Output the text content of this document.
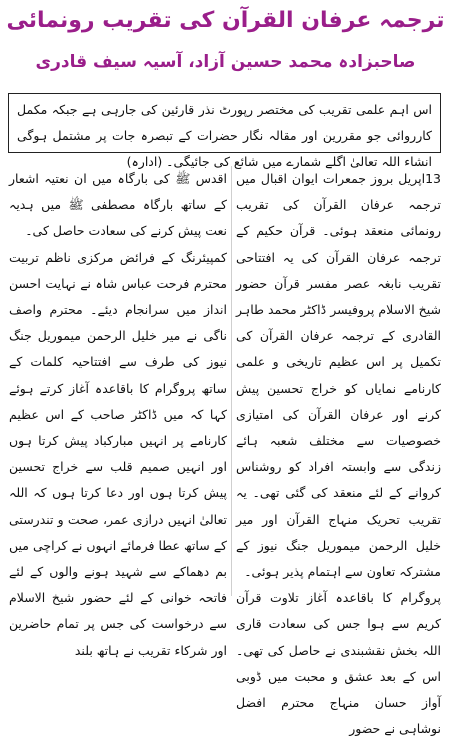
ترجمہ عرفان القرآن کی تقریب رونمائی
صاحبزادہ محمد حسین آزاد، آسیہ سیف قادری

اس اہم علمی تقریب کی مختصر رپورٹ نذر قارئین کی جارہی ہے جبکہ مکمل کارروائی جو مقررین اور مقالہ نگار حضرات کے تبصرہ جات پر مشتمل ہوگی انشاء اللہ تعالیٰ اگلے شمارے میں شائع کی جائیگی۔ (ادارہ)

13اپریل بروز جمعرات ایوان اقبال میں ترجمہ عرفان القرآن کی تقریب رونمائی منعقد ہوئی۔ قرآن حکیم کے ترجمہ عرفان القرآن کی یہ افتتاحی تقریب نابغہ عصر مفسر قرآن حضور شیخ الاسلام پروفیسر ڈاکٹر محمد طاہر القادری کے ترجمہ عرفان القرآن کی تکمیل پر اس عظیم تاریخی و علمی کارنامے نمایاں کو خراج تحسین پیش کرنے اور عرفان القرآن کی امتیازی خصوصیات سے مختلف شعبہ ہائے زندگی سے وابستہ افراد کو روشناس کروانے کے لئے منعقد کی گئی تھی۔ یہ تقریب تحریک منہاج القرآن اور میر خلیل الرحمن میموریل جنگ نیوز کے مشترکہ تعاون سے اہتمام پذیر ہوئی۔

پروگرام کا باقاعدہ آغاز تلاوت قرآن کریم سے ہوا جس کی سعادت قاری اللہ بخش نقشبندی نے حاصل کی تھی۔ اس کے بعد عشق و محبت میں ڈوبی آواز حسان منہاج محترم افضل نوشاہی نے حضور

اقدس ﷺ کی بارگاہ میں ان نعتیہ اشعار کے ساتھ بارگاہ مصطفی ﷺ میں ہدیہ نعت پیش کرنے کی سعادت حاصل کی۔

کمپیئرنگ کے فرائض مرکزی ناظم تربیت محترم فرحت عباس شاہ نے نہایت احسن انداز میں سرانجام دیئے۔ محترم واصف ناگی نے میر خلیل الرحمن میموریل جنگ نیوز کی طرف سے افتتاحیہ کلمات کے ساتھ پروگرام کا باقاعدہ آغاز کرتے ہوئے کہا کہ میں ڈاکٹر صاحب کے اس عظیم کارنامے پر انہیں مبارکباد پیش کرتا ہوں اور انہیں صمیم قلب سے خراج تحسین پیش کرتا ہوں اور دعا کرتا ہوں کہ اللہ تعالیٰ انہیں درازی عمر، صحت و تندرستی کے ساتھ عطا فرمائے انہوں نے کراچی میں بم دھماکے سے شہید ہونے والوں کے لئے فاتحہ خوانی کے لئے حضور شیخ الاسلام سے درخواست کی جس پر تمام حاضرین اور شرکاء تقریب نے ہاتھ بلند
